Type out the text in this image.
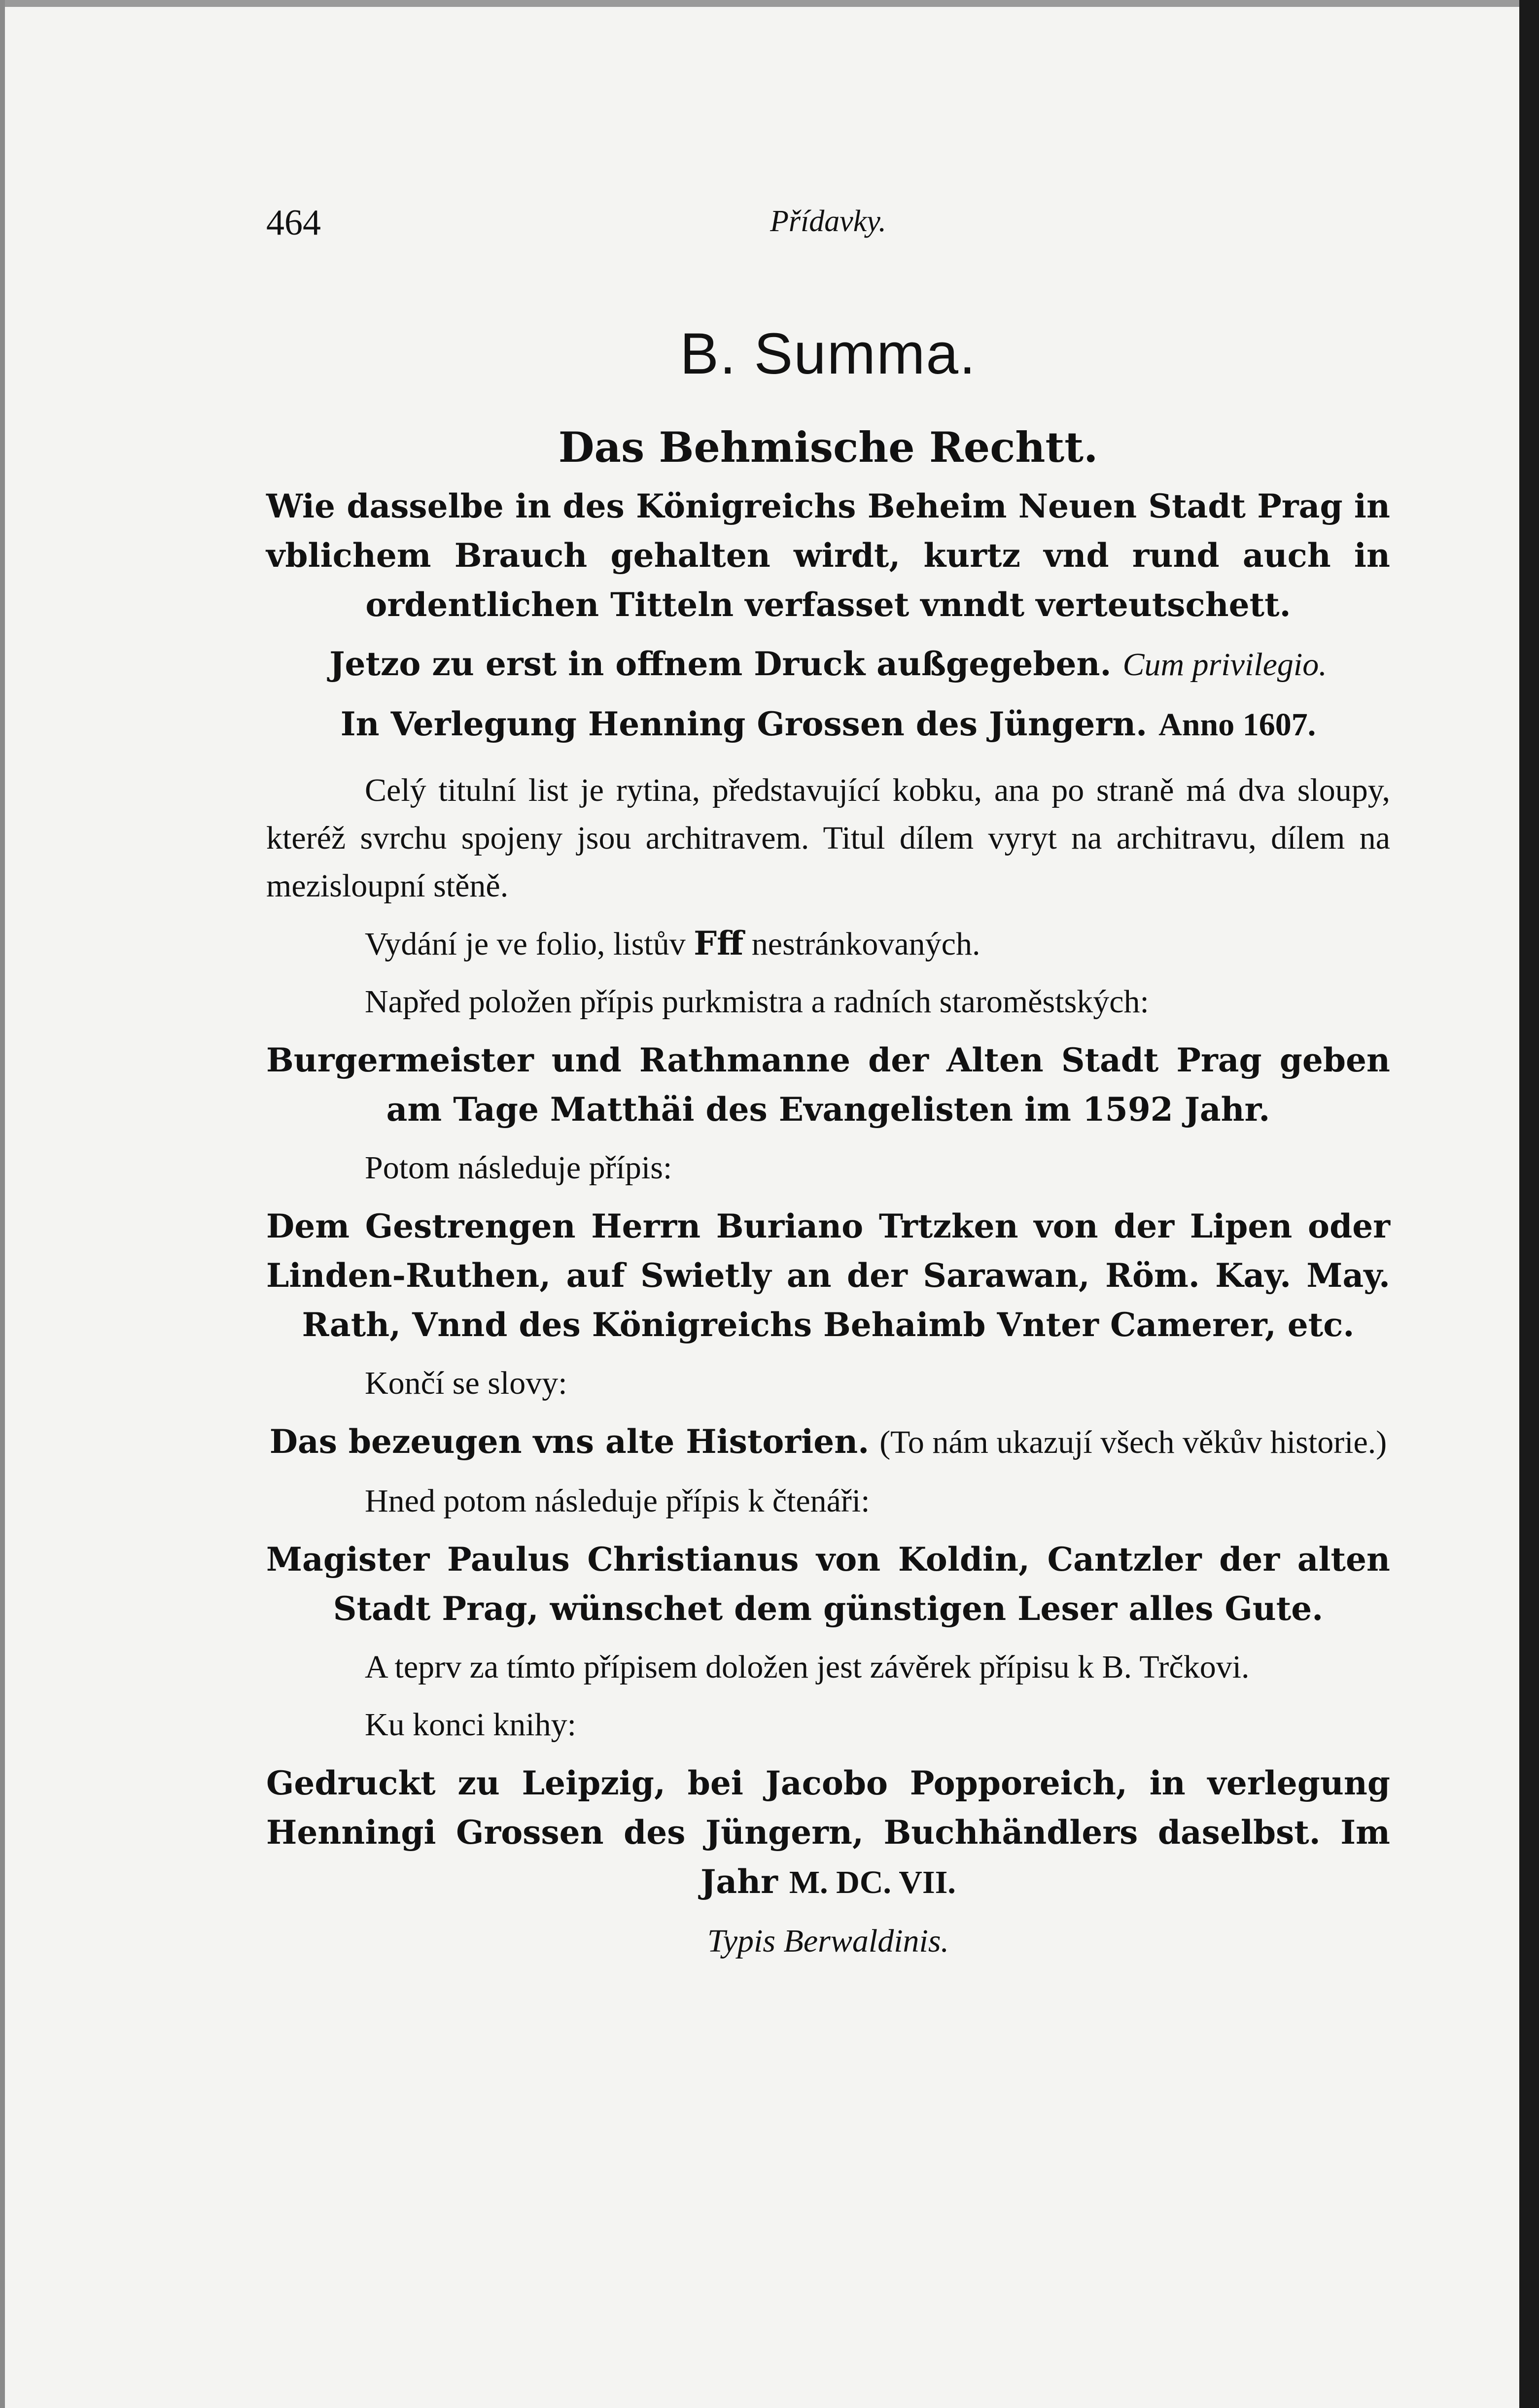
464	Přídavky.
B. Summa.
Das Behmische Rechtt.
Wie dasselbe in des Königreichs Beheim Neuen Stadt Prag in vblichem Brauch gehalten wirdt, kurtz vnd rund auch in ordentlichen Titteln verfasset vnndt verteutschett.
Jetzo zu erst in offnem Druck außgegeben. Cum privilegio.
In Verlegung Henning Grossen des Jüngern. Anno 1607.
Celý titulní list je rytina, představující kobku, ana po straně má dva sloupy, kteréž svrchu spojeny jsou architravem. Titul dílem vyryt na architravu, dílem na mezisloupní stěně.
Vydání je ve folio, listův Fff nestránkovaných.
Napřed položen přípis purkmistra a radních staroměstských:
Burgermeister und Rathmanne der Alten Stadt Prag geben am Tage Matthäi des Evangelisten im 1592 Jahr.
Potom následuje přípis:
Dem Gestrengen Herrn Buriano Trtzken von der Lipen oder Linden-Ruthen, auf Swietly an der Sarawan, Röm. Kay. May. Rath, Vnnd des Königreichs Behaimb Vnter Camerer, etc.
Končí se slovy:
Das bezeugen vns alte Historien. (To nám ukazují všech věkův historie.)
Hned potom následuje přípis k čtenáři:
Magister Paulus Christianus von Koldin, Cantzler der alten Stadt Prag, wünschet dem günstigen Leser alles Gute.
A teprv za tímto přípisem doložen jest závěrek přípisu k B. Trčkovi.
Ku konci knihy:
Gedruckt zu Leipzig, bei Jacobo Popporeich, in verlegung Henningi Grossen des Jüngern, Buchhändlers daselbst. Im Jahr M. DC. VII.
Typis Berwaldinis.
